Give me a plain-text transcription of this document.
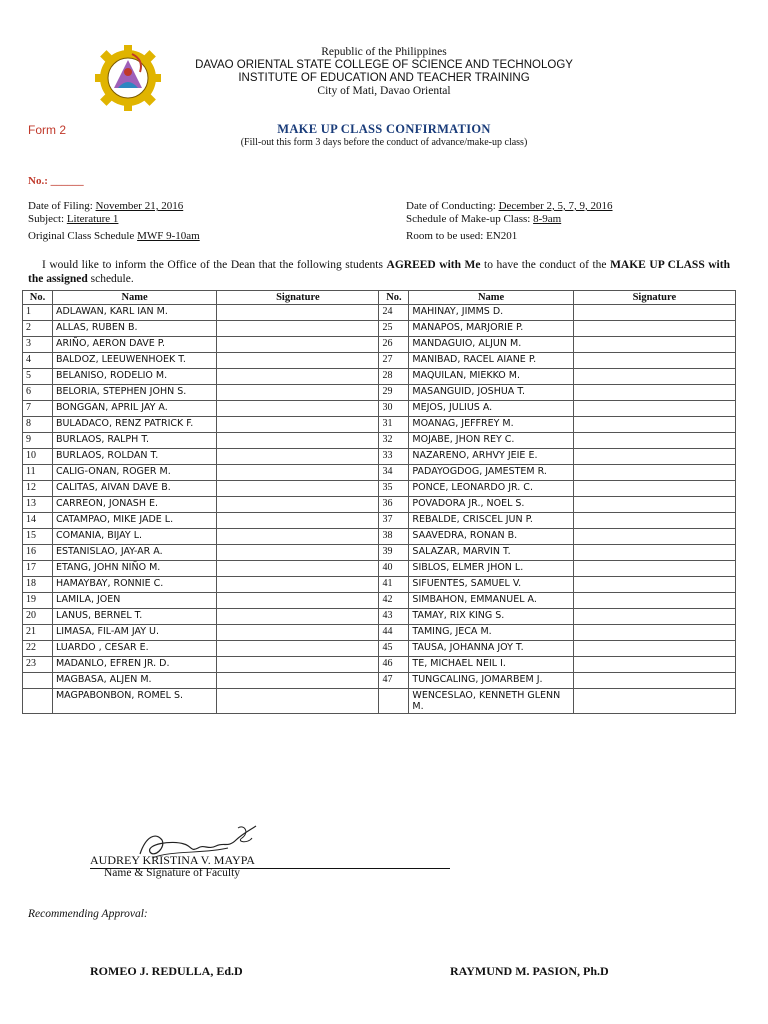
Republic of the Philippines
DAVAO ORIENTAL STATE COLLEGE OF SCIENCE AND TECHNOLOGY
INSTITUTE OF EDUCATION AND TEACHER TRAINING
City of Mati, Davao Oriental
Form 2	MAKE UP CLASS CONFIRMATION
(Fill-out this form 3 days before the conduct of advance/make-up class)
No.: ______
Date of Filing: November 21, 2016
Subject: Literature 1
Original Class Schedule MWF 9-10am
Date of Conducting: December 2, 5, 7, 9, 2016
Schedule of Make-up Class: 8-9am
Room to be used: EN201
I would like to inform the Office of the Dean that the following students AGREED with Me to have the conduct of the MAKE UP CLASS with the assigned schedule.
No.	Name	Signature	No.	Name	Signature
1	ADLAWAN, KARL IAN M.		24	MAHINAY, JIMMS D.	
2	ALLAS, RUBEN B.		25	MANAPOS, MARJORIE P.	
3	ARIÑO, AERON DAVE P.		26	MANDAGUIO, ALJUN M.	
4	BALDOZ, LEEUWENHOEK T.		27	MANIBAD, RACEL AIANE P.	
5	BELANISO, RODELIO M.		28	MAQUILAN, MIEKKO M.	
6	BELORIA, STEPHEN JOHN S.		29	MASANGUID, JOSHUA T.	
7	BONGGAN, APRIL JAY A.		30	MEJOS, JULIUS A.	
8	BULADACO, RENZ PATRICK F.		31	MOANAG, JEFFREY M.	
9	BURLAOS, RALPH T.		32	MOJABE, JHON REY C.	
10	BURLAOS, ROLDAN T.		33	NAZARENO, ARHVY JEIE E.	
11	CALIG-ONAN, ROGER M.		34	PADAYOGDOG, JAMESTEM R.	
12	CALITAS, AIVAN DAVE B.		35	PONCE, LEONARDO JR. C.	
13	CARREON, JONASH E.		36	POVADORA JR., NOEL S.	
14	CATAMPAO, MIKE JADE L.		37	REBALDE, CRISCEL JUN P.	
15	COMANIA, BIJAY L.		38	SAAVEDRA, RONAN B.	
16	ESTANISLAO, JAY-AR A.		39	SALAZAR, MARVIN T.	
17	ETANG, JOHN NIÑO M.		40	SIBLOS, ELMER JHON L.	
18	HAMAYBAY, RONNIE C.		41	SIFUENTES, SAMUEL V.	
19	LAMILA, JOEN		42	SIMBAHON, EMMANUEL A.	
20	LANUS, BERNEL T.		43	TAMAY, RIX KING S.	
21	LIMASA, FIL-AM JAY U.		44	TAMING, JECA M.	
22	LUARDO , CESAR E.		45	TAUSA, JOHANNA JOY T.	
23	MADANLO, EFREN JR. D.		46	TE, MICHAEL NEIL I.	
	MAGBASA, ALJEN M.		47	TUNGCALING, JOMARBEM J.	
	MAGPABONBON, ROMEL S.			WENCESLAO, KENNETH GLENN M.	
AUDREY KRISTINA V. MAYPA
Name & Signature of Faculty
Recommending Approval:
ROMEO J. REDULLA, Ed.D	RAYMUND M. PASION, Ph.D
